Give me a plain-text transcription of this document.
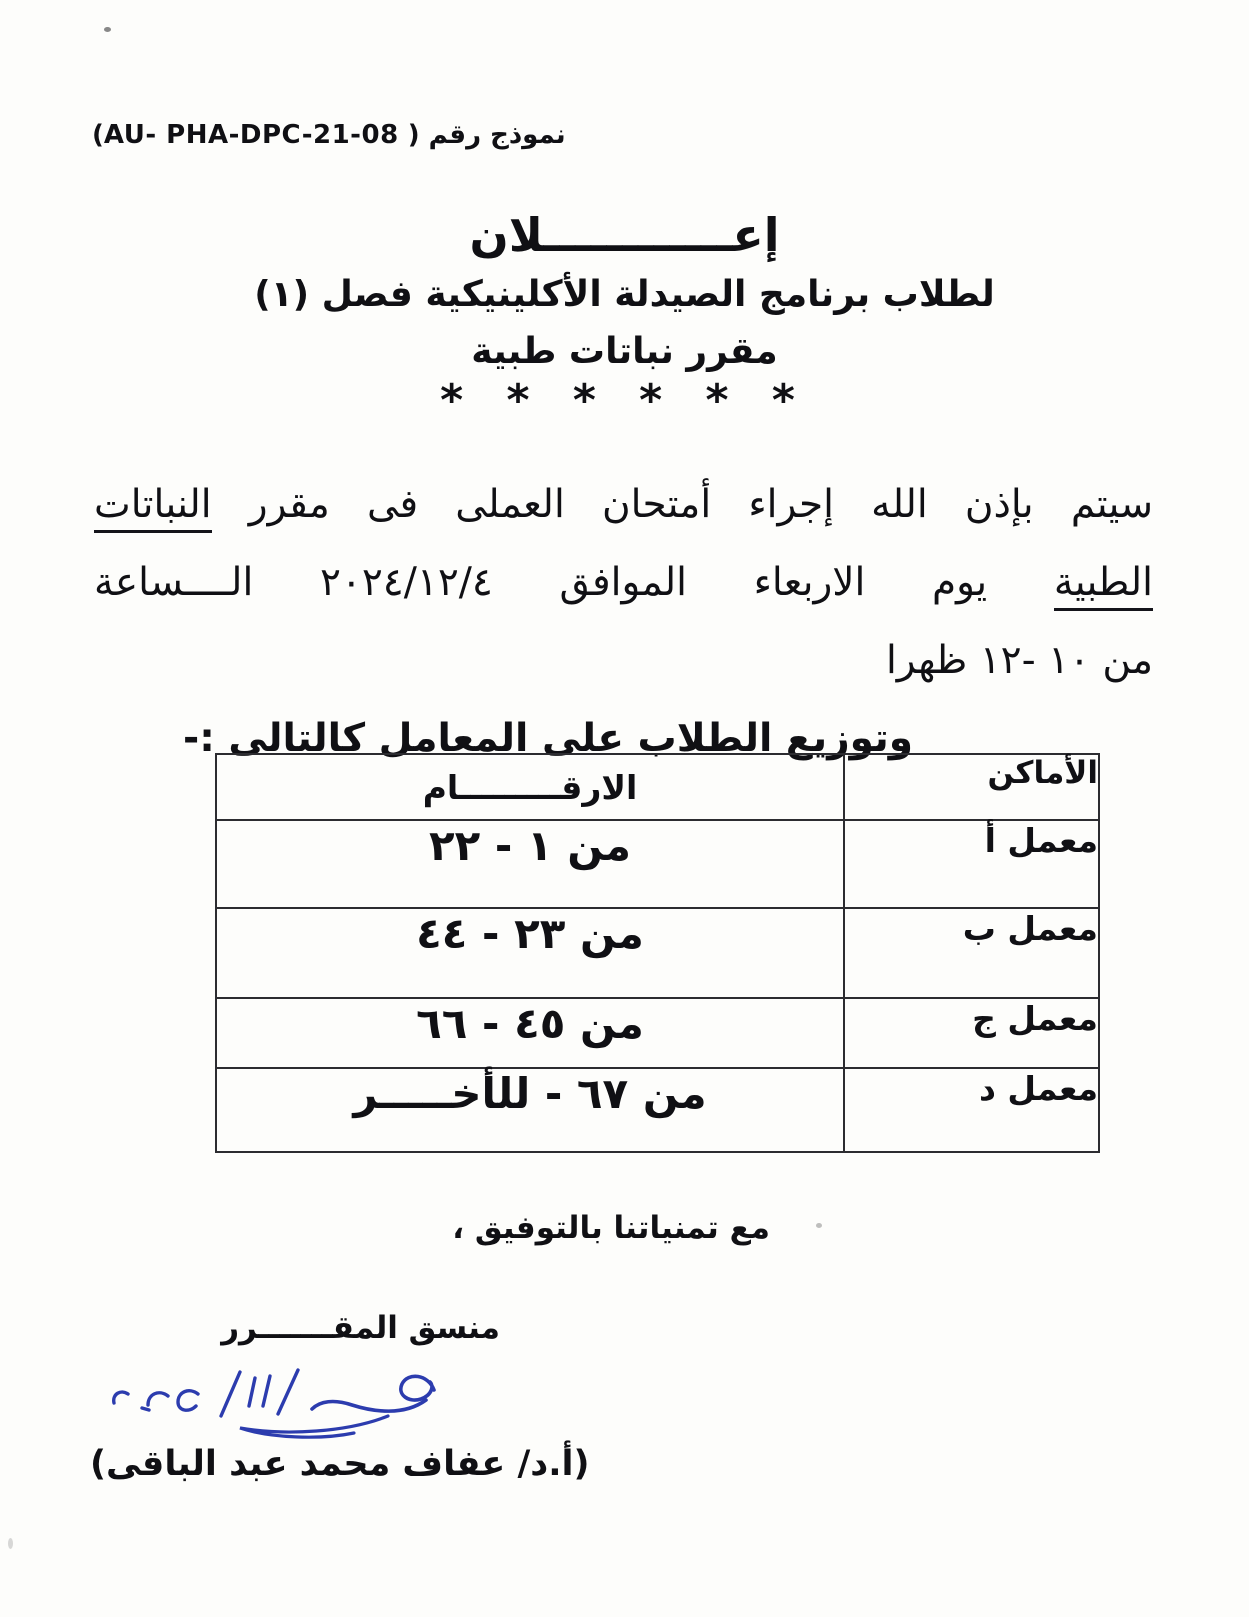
نموذج رقم ( AU- PHA-DPC-21-08)
إعــــــــــــلان
لطلاب برنامج الصيدلة الأكلينيكية فصل (١)
مقرر نباتات طبية
* * * * * *
سيتم بإذن الله إجراء أمتحان العملى فى مقرر النباتات
الطبية يوم الاربعاء الموافق ٢٠٢٤/١٢/٤ الــــساعة
من ١٠ -١٢ ظهرا
وتوزيع الطلاب على المعامل كالتالى :-
الأماكن	الارقـــــــــام
معمل أ	من ١ - ٢٢
معمل ب	من ٢٣ - ٤٤
معمل ج	من ٤٥ - ٦٦
معمل د	من ٦٧ - للأخـــــر
مع تمنياتنا بالتوفيق ،
منسق المقـــــــرر
(أ.د/ عفاف محمد عبد الباقى)
